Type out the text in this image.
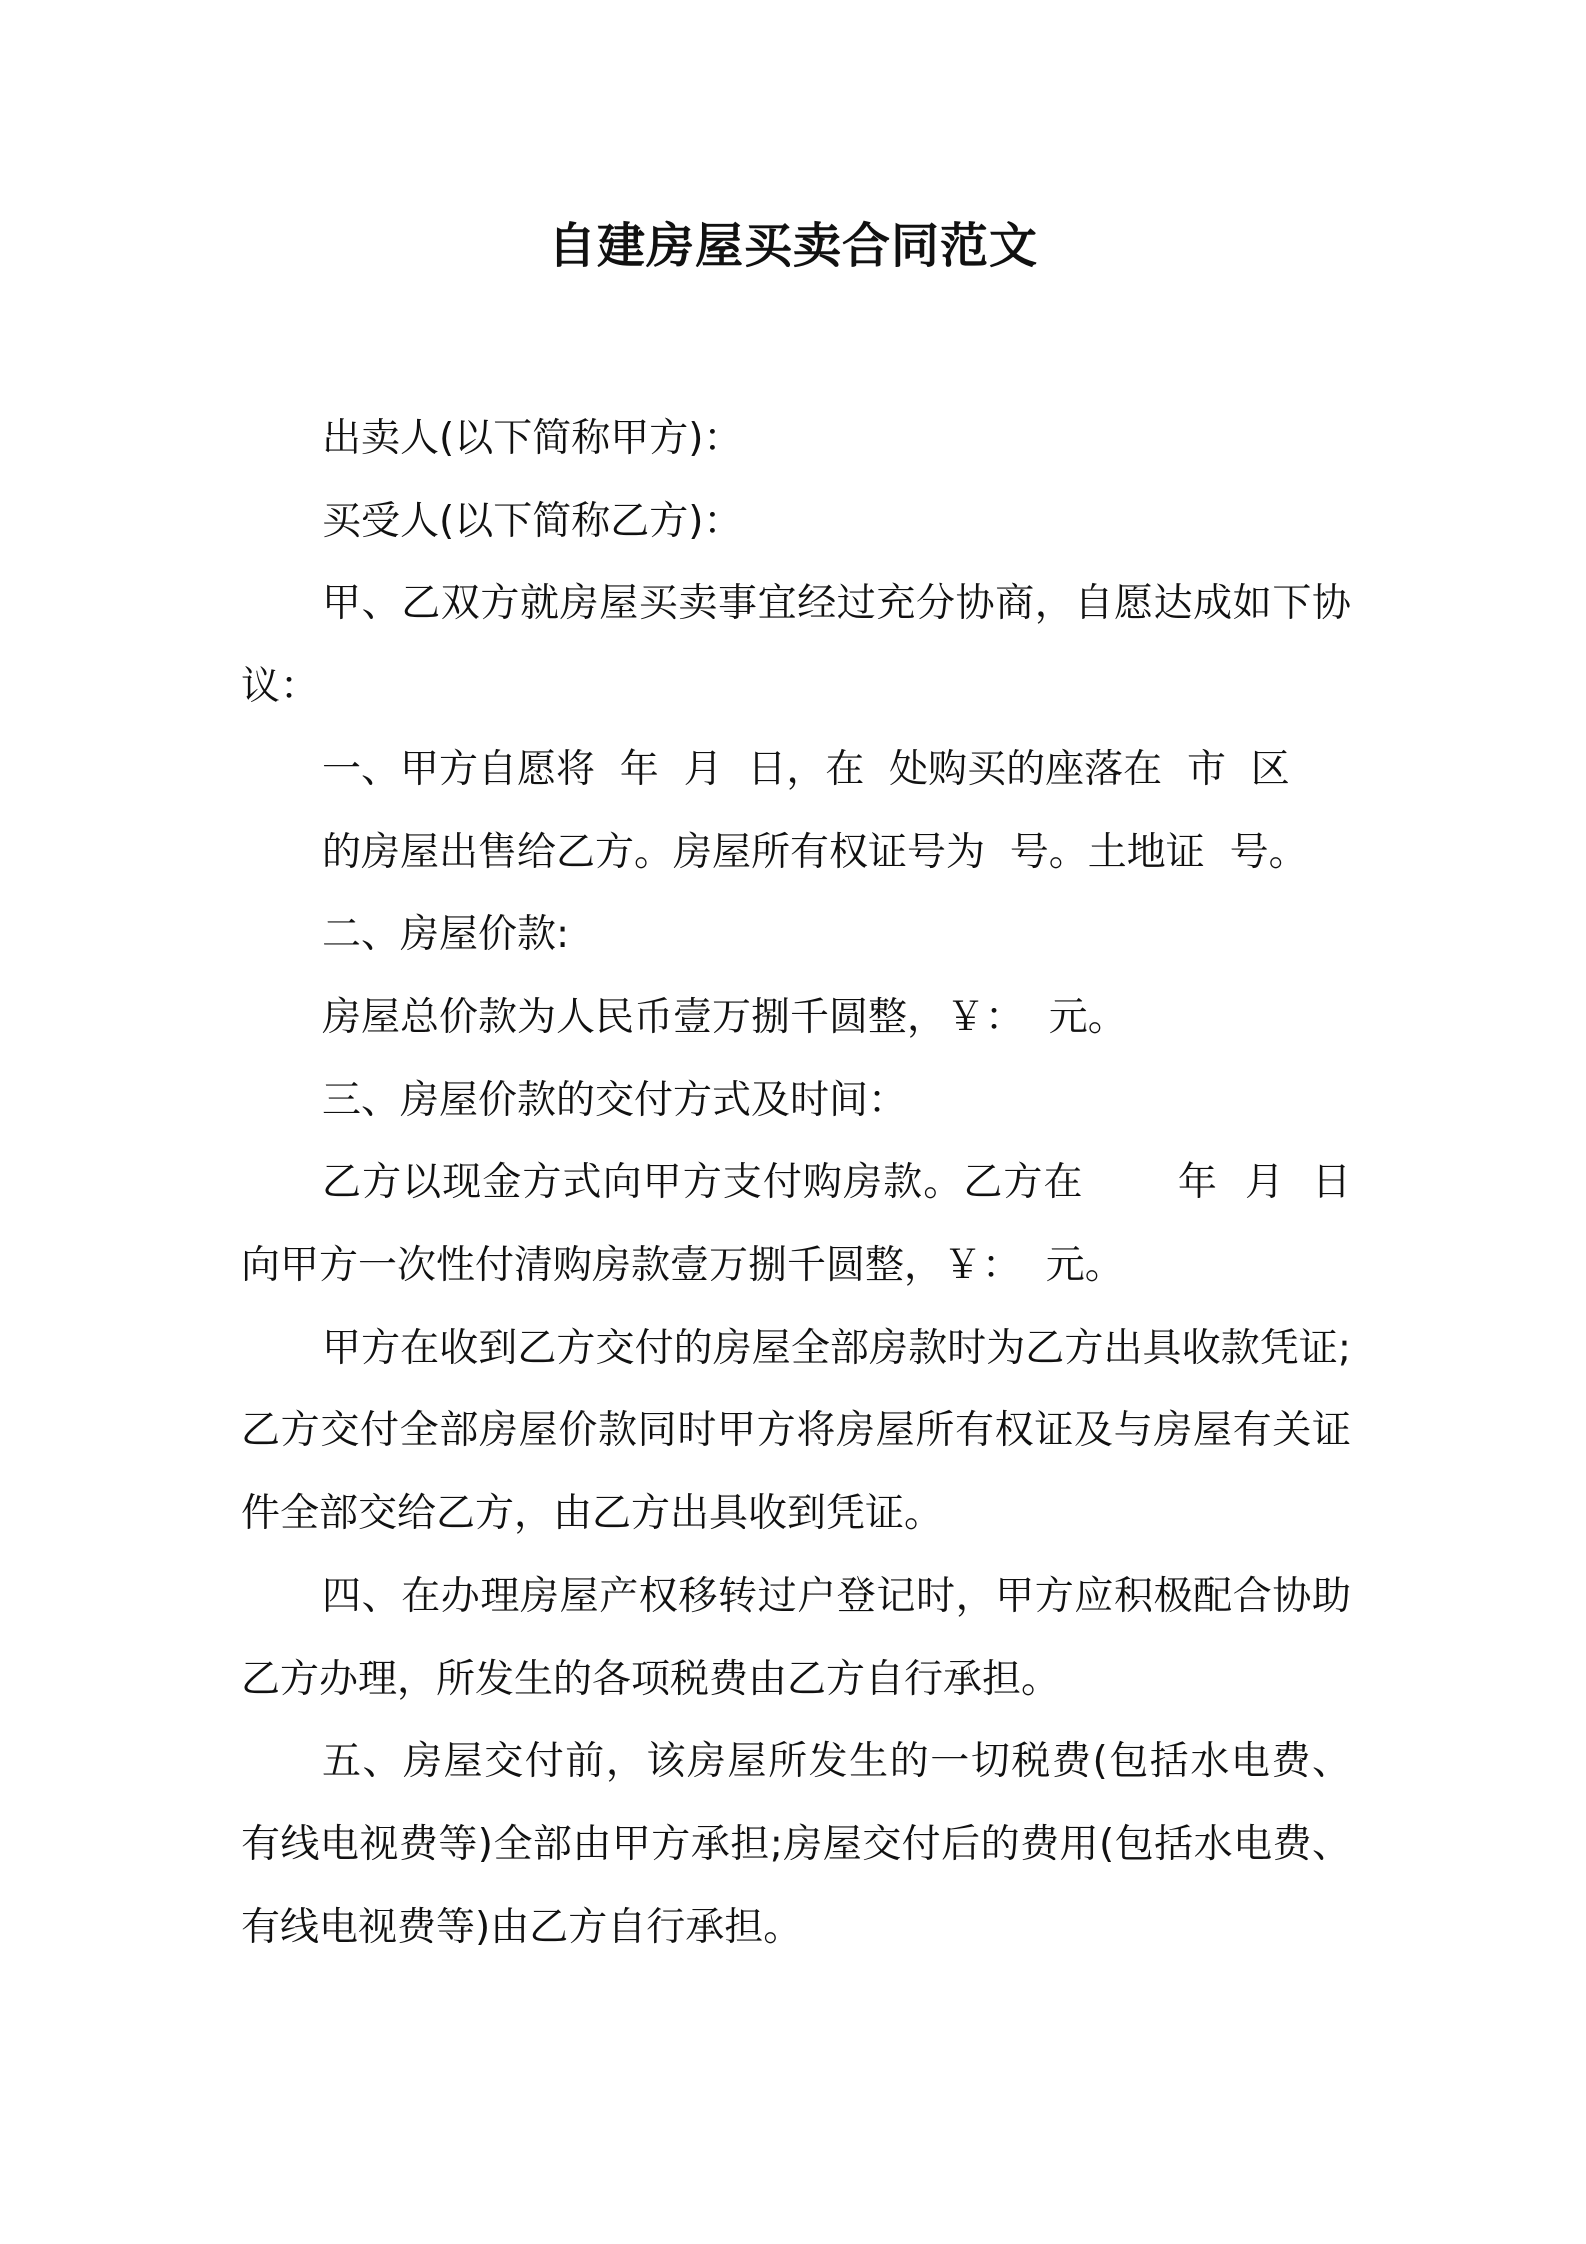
自建房屋买卖合同范文

出卖人(以下简称甲方)：

买受人(以下简称乙方)：

甲、乙双方就房屋买卖事宜经过充分协商，自愿达成如下协议：

一、甲方自愿将  年  月  日，在  处购买的座落在  市  区

的房屋出售给乙方。房屋所有权证号为  号。土地证  号。

二、房屋价款:

房屋总价款为人民币壹万捌千圆整，￥：  元。

三、房屋价款的交付方式及时间：

乙方以现金方式向甲方支付购房款。乙方在       年  月  日向甲方一次性付清购房款壹万捌千圆整，￥：  元。

甲方在收到乙方交付的房屋全部房款时为乙方出具收款凭证;乙方交付全部房屋价款同时甲方将房屋所有权证及与房屋有关证件全部交给乙方，由乙方出具收到凭证。

四、在办理房屋产权移转过户登记时，甲方应积极配合协助乙方办理，所发生的各项税费由乙方自行承担。

五、房屋交付前，该房屋所发生的一切税费(包括水电费、有线电视费等)全部由甲方承担;房屋交付后的费用(包括水电费、有线电视费等)由乙方自行承担。
